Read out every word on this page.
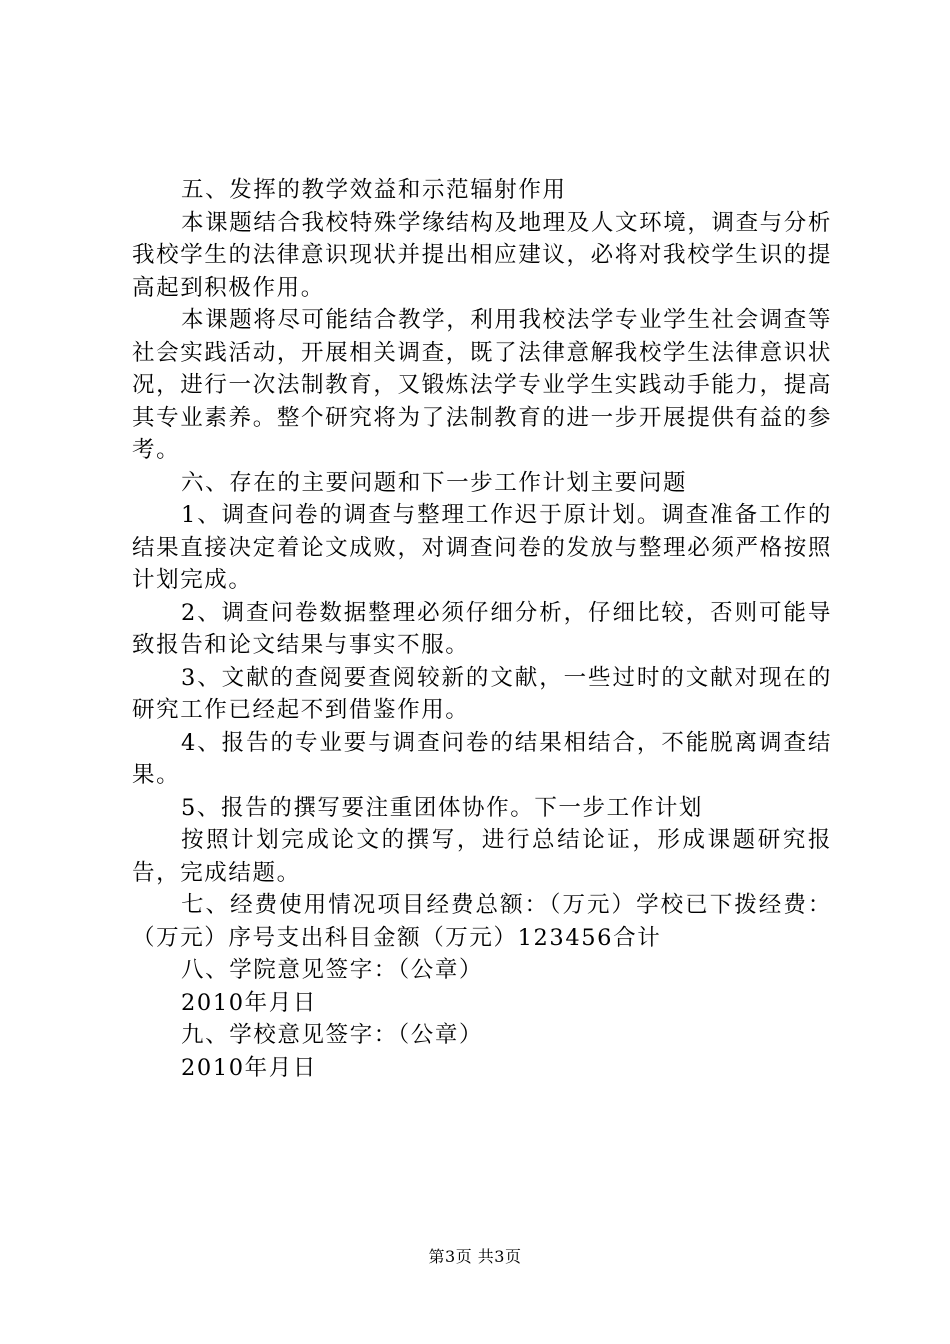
五、发挥的教学效益和示范辐射作用

本课题结合我校特殊学缘结构及地理及人文环境，调查与分析我校学生的法律意识现状并提出相应建议，必将对我校学生识的提高起到积极作用。

本课题将尽可能结合教学，利用我校法学专业学生社会调查等社会实践活动，开展相关调查，既了法律意解我校学生法律意识状况，进行一次法制教育，又锻炼法学专业学生实践动手能力，提高其专业素养。整个研究将为了法制教育的进一步开展提供有益的参考。

六、存在的主要问题和下一步工作计划主要问题

1、调查问卷的调查与整理工作迟于原计划。调查准备工作的结果直接决定着论文成败，对调查问卷的发放与整理必须严格按照计划完成。

2、调查问卷数据整理必须仔细分析，仔细比较，否则可能导致报告和论文结果与事实不服。

3、文献的查阅要查阅较新的文献，一些过时的文献对现在的研究工作已经起不到借鉴作用。

4、报告的专业要与调查问卷的结果相结合，不能脱离调查结果。

5、报告的撰写要注重团体协作。下一步工作计划

按照计划完成论文的撰写，进行总结论证，形成课题研究报告，完成结题。

七、经费使用情况项目经费总额：（万元）学校已下拨经费：（万元）序号支出科目金额（万元）123456合计

八、学院意见签字：（公章）

2010年月日

九、学校意见签字：（公章）

2010年月日

第3页 共3页
